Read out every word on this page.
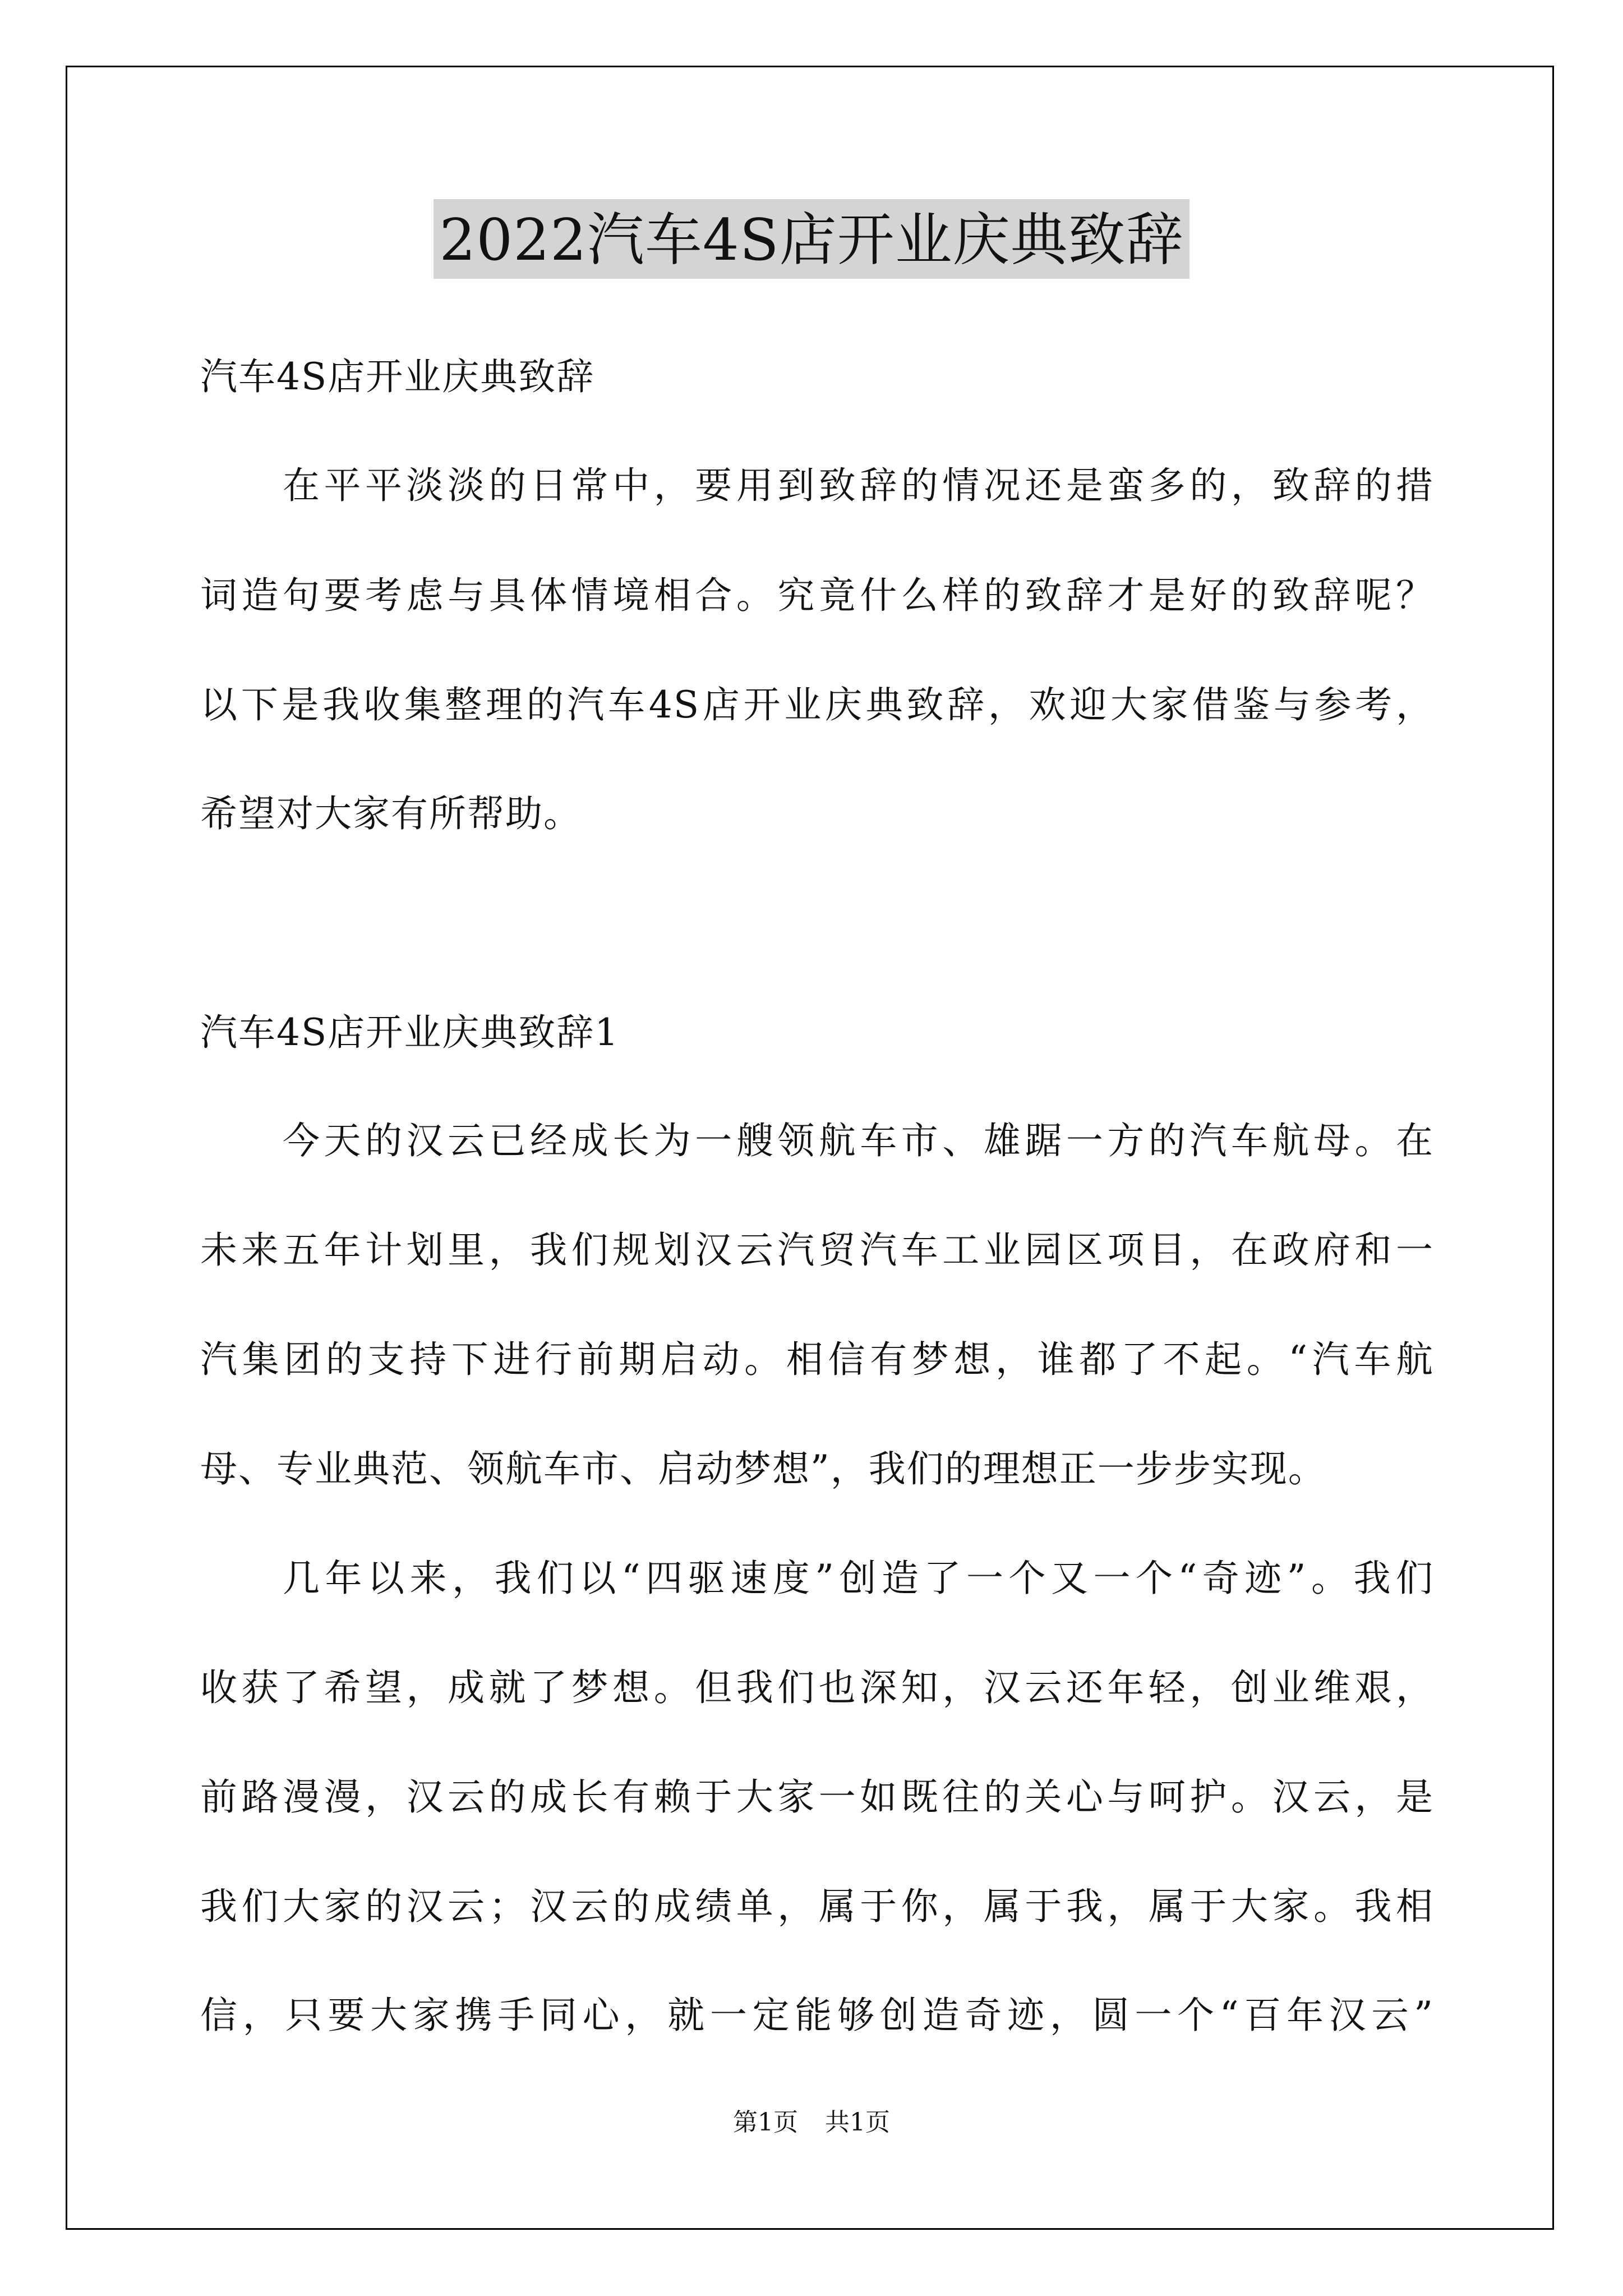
2022汽车4S店开业庆典致辞
汽车4S店开业庆典致辞
在平平淡淡的日常中，要用到致辞的情况还是蛮多的，致辞的措
词造句要考虑与具体情境相合。究竟什么样的致辞才是好的致辞呢？
以下是我收集整理的汽车4S店开业庆典致辞，欢迎大家借鉴与参考，
希望对大家有所帮助。
汽车4S店开业庆典致辞1
今天的汉云已经成长为一艘领航车市、雄踞一方的汽车航母。在
未来五年计划里，我们规划汉云汽贸汽车工业园区项目，在政府和一
汽集团的支持下进行前期启动。相信有梦想，谁都了不起。“汽车航
母、专业典范、领航车市、启动梦想”，我们的理想正一步步实现。
几年以来，我们以“四驱速度”创造了一个又一个“奇迹”。我们
收获了希望，成就了梦想。但我们也深知，汉云还年轻，创业维艰，
前路漫漫，汉云的成长有赖于大家一如既往的关心与呵护。汉云，是
我们大家的汉云；汉云的成绩单，属于你，属于我，属于大家。我相
信，只要大家携手同心，就一定能够创造奇迹，圆一个“百年汉云”
第1页 共1页
